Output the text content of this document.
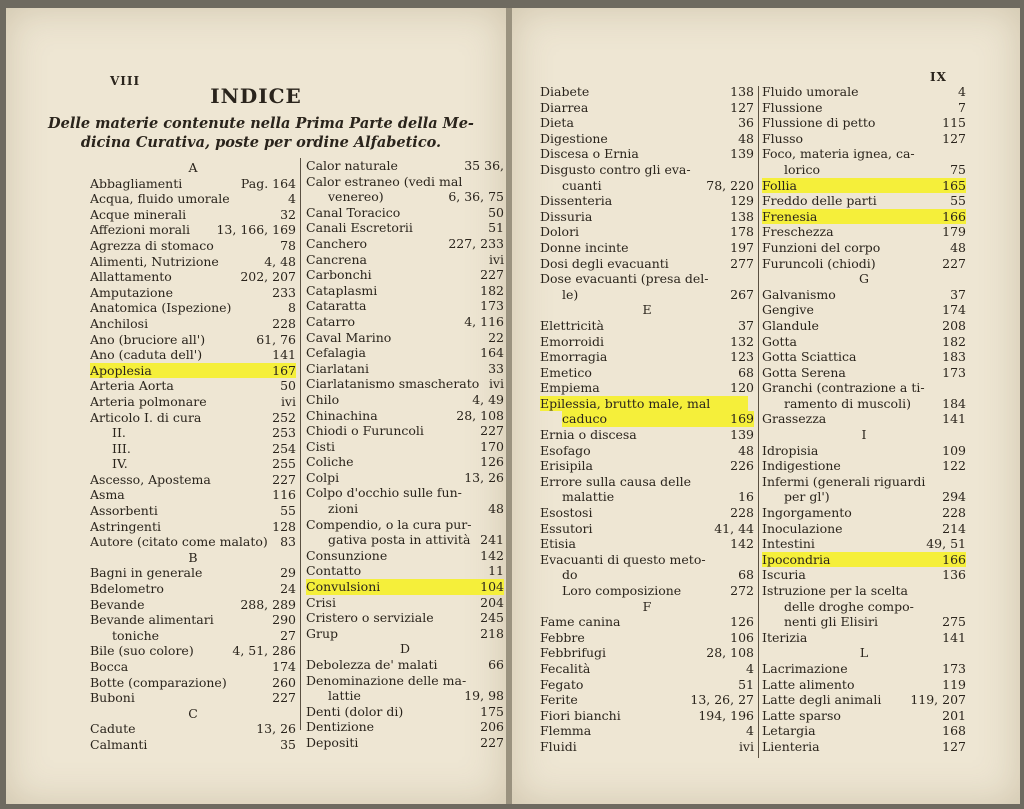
VIII
INDICE
Delle materie contenute nella Prima Parte della Me-
dicina Curativa, poste per ordine Alfabetico.
A
Abbagliamenti	Pag. 164
Acqua, fluido umorale	4
Acque minerali	32
Affezioni morali	13, 166, 169
Agrezza di stomaco	78
Alimenti, Nutrizione	4, 48
Allattamento	202, 207
Amputazione	233
Anatomica (Ispezione)	8
Anchilosi	228
Ano (bruciore all')	61, 76
Ano (caduta dell')	141
Apoplesia	167
Arteria Aorta	50
Arteria polmonare	ivi
Articolo I. di cura	252
II.	253
III.	254
IV.	255
Ascesso, Apostema	227
Asma	116
Assorbenti	55
Astringenti	128
Autore (citato come malato) 83
B
Bagni in generale	29
Bdelometro	24
Bevande	288, 289
Bevande alimentari	290
toniche	27
Bile (suo colore)	4, 51, 286
Bocca	174
Botte (comparazione)	260
Buboni	227
C
Cadute	13, 26
Calmanti	35
Calor naturale	35 36,
Calor estraneo (vedi mal
venereo)	6, 36, 75
Canal Toracico	50
Canali Escretorii	51
Canchero	227, 233
Cancrena	ivi
Carbonchi	227
Cataplasmi	182
Cataratta	173
Catarro	4, 116
Caval Marino	22
Cefalagia	164
Ciarlatani	33
Ciarlatanismo smascherato ivi
Chilo	4, 49
Chinachina	28, 108
Chiodi o Furuncoli	227
Cisti	170
Coliche	126
Colpi	13, 26
Colpo d'occhio sulle fun-
zioni	48
Compendio, o la cura pur-
gativa posta in attività 241
Consunzione	142
Contatto	11
Convulsioni	104
Crisi	204
Cristero o serviziale	245
Grup	218
D
Debolezza de' malati	66
Denominazione delle ma-
lattie	19, 98
Denti (dolor di)	175
Dentizione	206
Depositi	227
IX
Diabete	138
Diarrea	127
Dieta	36
Digestione	48
Discesa o Ernia	139
Disgusto contro gli eva-
cuanti	78, 220
Dissenteria	129
Dissuria	138
Dolori	178
Donne incinte	197
Dosi degli evacuanti	277
Dose evacuanti (presa del-
le)	267
E
Elettricità	37
Emorroidi	132
Emorragia	123
Emetico	68
Empiema	120
Epilessia, brutto male, mal
caduco	169
Ernia o discesa	139
Esofago	48
Erisipila	226
Errore sulla causa delle
malattie	16
Esostosi	228
Essutori	41, 44
Etisia	142
Evacuanti di questo meto-
do	68
Loro composizione	272
F
Fame canina	126
Febbre	106
Febbrifugi	28, 108
Fecalità	4
Fegato	51
Ferite	13, 26, 27
Fiori bianchi	194, 196
Flemma	4
Fluidi	ivi
Fluido umorale	4
Flussione	7
Flussione di petto	115
Flusso	127
Foco, materia ignea, ca-
lorico	75
Follia	165
Freddo delle parti	55
Frenesia	166
Freschezza	179
Funzioni del corpo	48
Furuncoli (chiodi)	227
G
Galvanismo	37
Gengive	174
Glandule	208
Gotta	182
Gotta Sciattica	183
Gotta Serena	173
Granchi (contrazione a ti-
ramento di muscoli)	184
Grassezza	141
I
Idropisia	109
Indigestione	122
Infermi (generali riguardi
per gl')	294
Ingorgamento	228
Inoculazione	214
Intestini	49, 51
Ipocondria	166
Iscuria	136
Istruzione per la scelta
delle droghe compo-
nenti gli Elisiri	275
Iterizia	141
L
Lacrimazione	173
Latte alimento	119
Latte degli animali	119, 207
Latte sparso	201
Letargia	168
Lienteria	127
